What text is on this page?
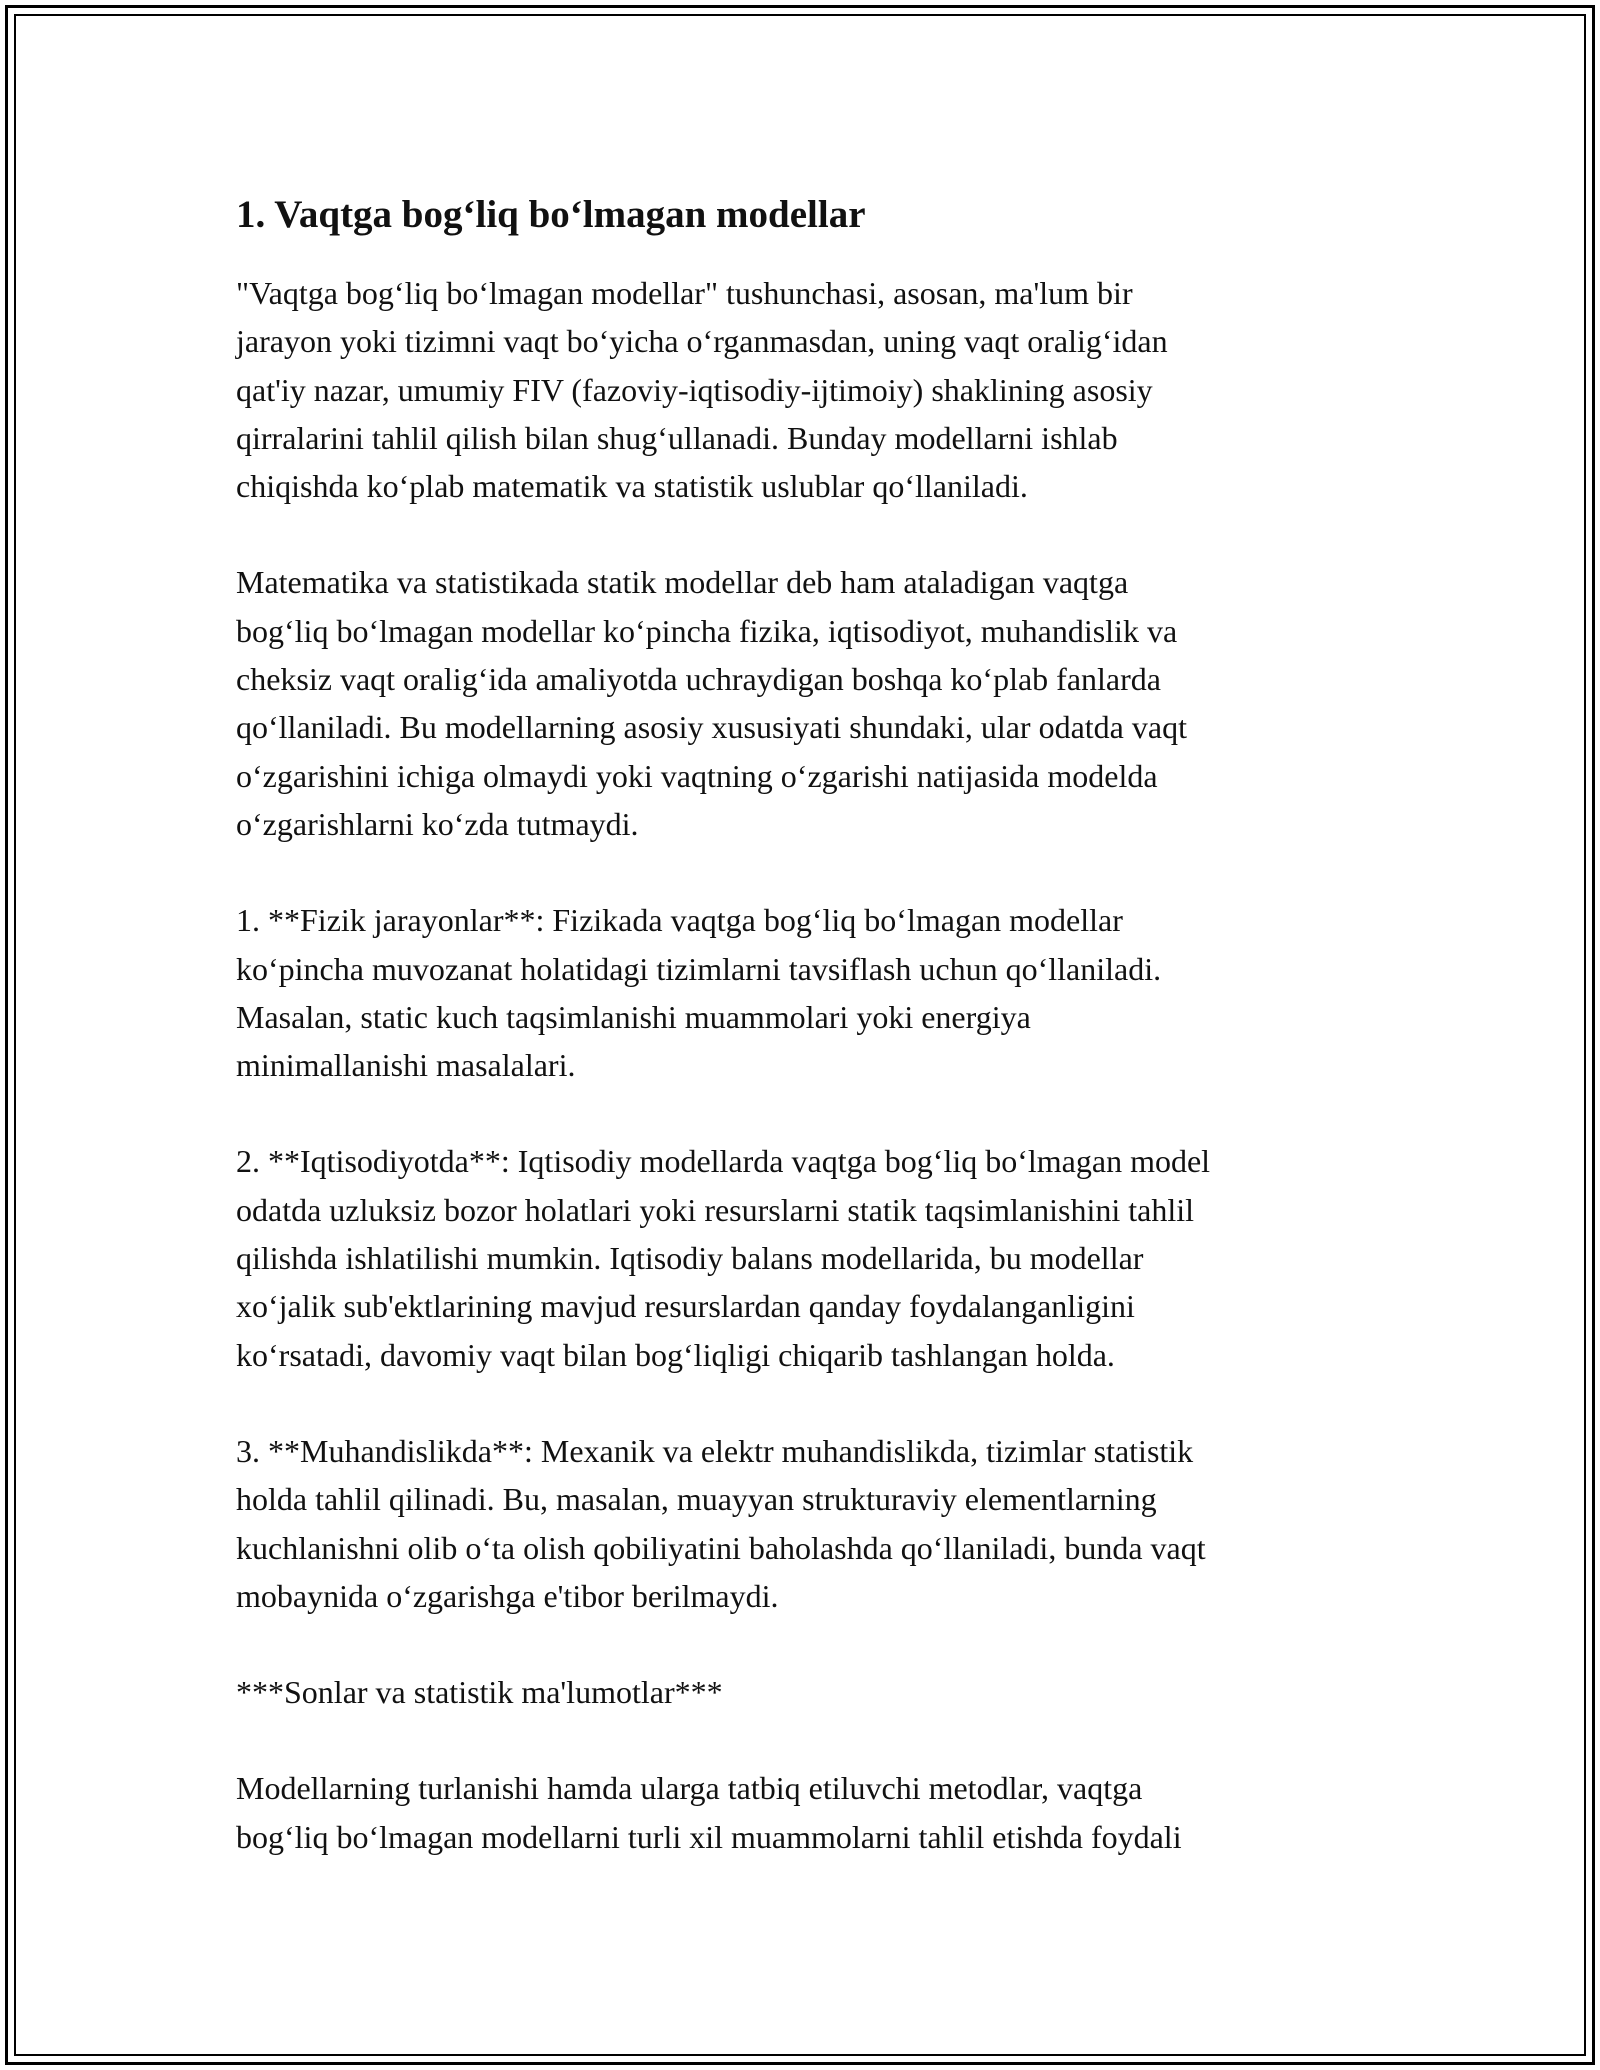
1. Vaqtga bog‘liq bo‘lmagan modellar

"Vaqtga bog‘liq bo‘lmagan modellar" tushunchasi, asosan, ma'lum bir
jarayon yoki tizimni vaqt bo‘yicha o‘rganmasdan, uning vaqt oralig‘idan
qat'iy nazar, umumiy FIV (fazoviy-iqtisodiy-ijtimoiy) shaklining asosiy
qirralarini tahlil qilish bilan shug‘ullanadi. Bunday modellarni ishlab
chiqishda ko‘plab matematik va statistik uslublar qo‘llaniladi.

Matematika va statistikada statik modellar deb ham ataladigan vaqtga
bog‘liq bo‘lmagan modellar ko‘pincha fizika, iqtisodiyot, muhandislik va
cheksiz vaqt oralig‘ida amaliyotda uchraydigan boshqa ko‘plab fanlarda
qo‘llaniladi. Bu modellarning asosiy xususiyati shundaki, ular odatda vaqt
o‘zgarishini ichiga olmaydi yoki vaqtning o‘zgarishi natijasida modelda
o‘zgarishlarni ko‘zda tutmaydi.

1. **Fizik jarayonlar**: Fizikada vaqtga bog‘liq bo‘lmagan modellar
ko‘pincha muvozanat holatidagi tizimlarni tavsiflash uchun qo‘llaniladi.
Masalan, static kuch taqsimlanishi muammolari yoki energiya
minimallanishi masalalari.

2. **Iqtisodiyotda**: Iqtisodiy modellarda vaqtga bog‘liq bo‘lmagan model
odatda uzluksiz bozor holatlari yoki resurslarni statik taqsimlanishini tahlil
qilishda ishlatilishi mumkin. Iqtisodiy balans modellarida, bu modellar
xo‘jalik sub'ektlarining mavjud resurslardan qanday foydalanganligini
ko‘rsatadi, davomiy vaqt bilan bog‘liqligi chiqarib tashlangan holda.

3. **Muhandislikda**: Mexanik va elektr muhandislikda, tizimlar statistik
holda tahlil qilinadi. Bu, masalan, muayyan strukturaviy elementlarning
kuchlanishni olib o‘ta olish qobiliyatini baholashda qo‘llaniladi, bunda vaqt
mobaynida o‘zgarishga e'tibor berilmaydi.

***Sonlar va statistik ma'lumotlar***

Modellarning turlanishi hamda ularga tatbiq etiluvchi metodlar, vaqtga
bog‘liq bo‘lmagan modellarni turli xil muammolarni tahlil etishda foydali
